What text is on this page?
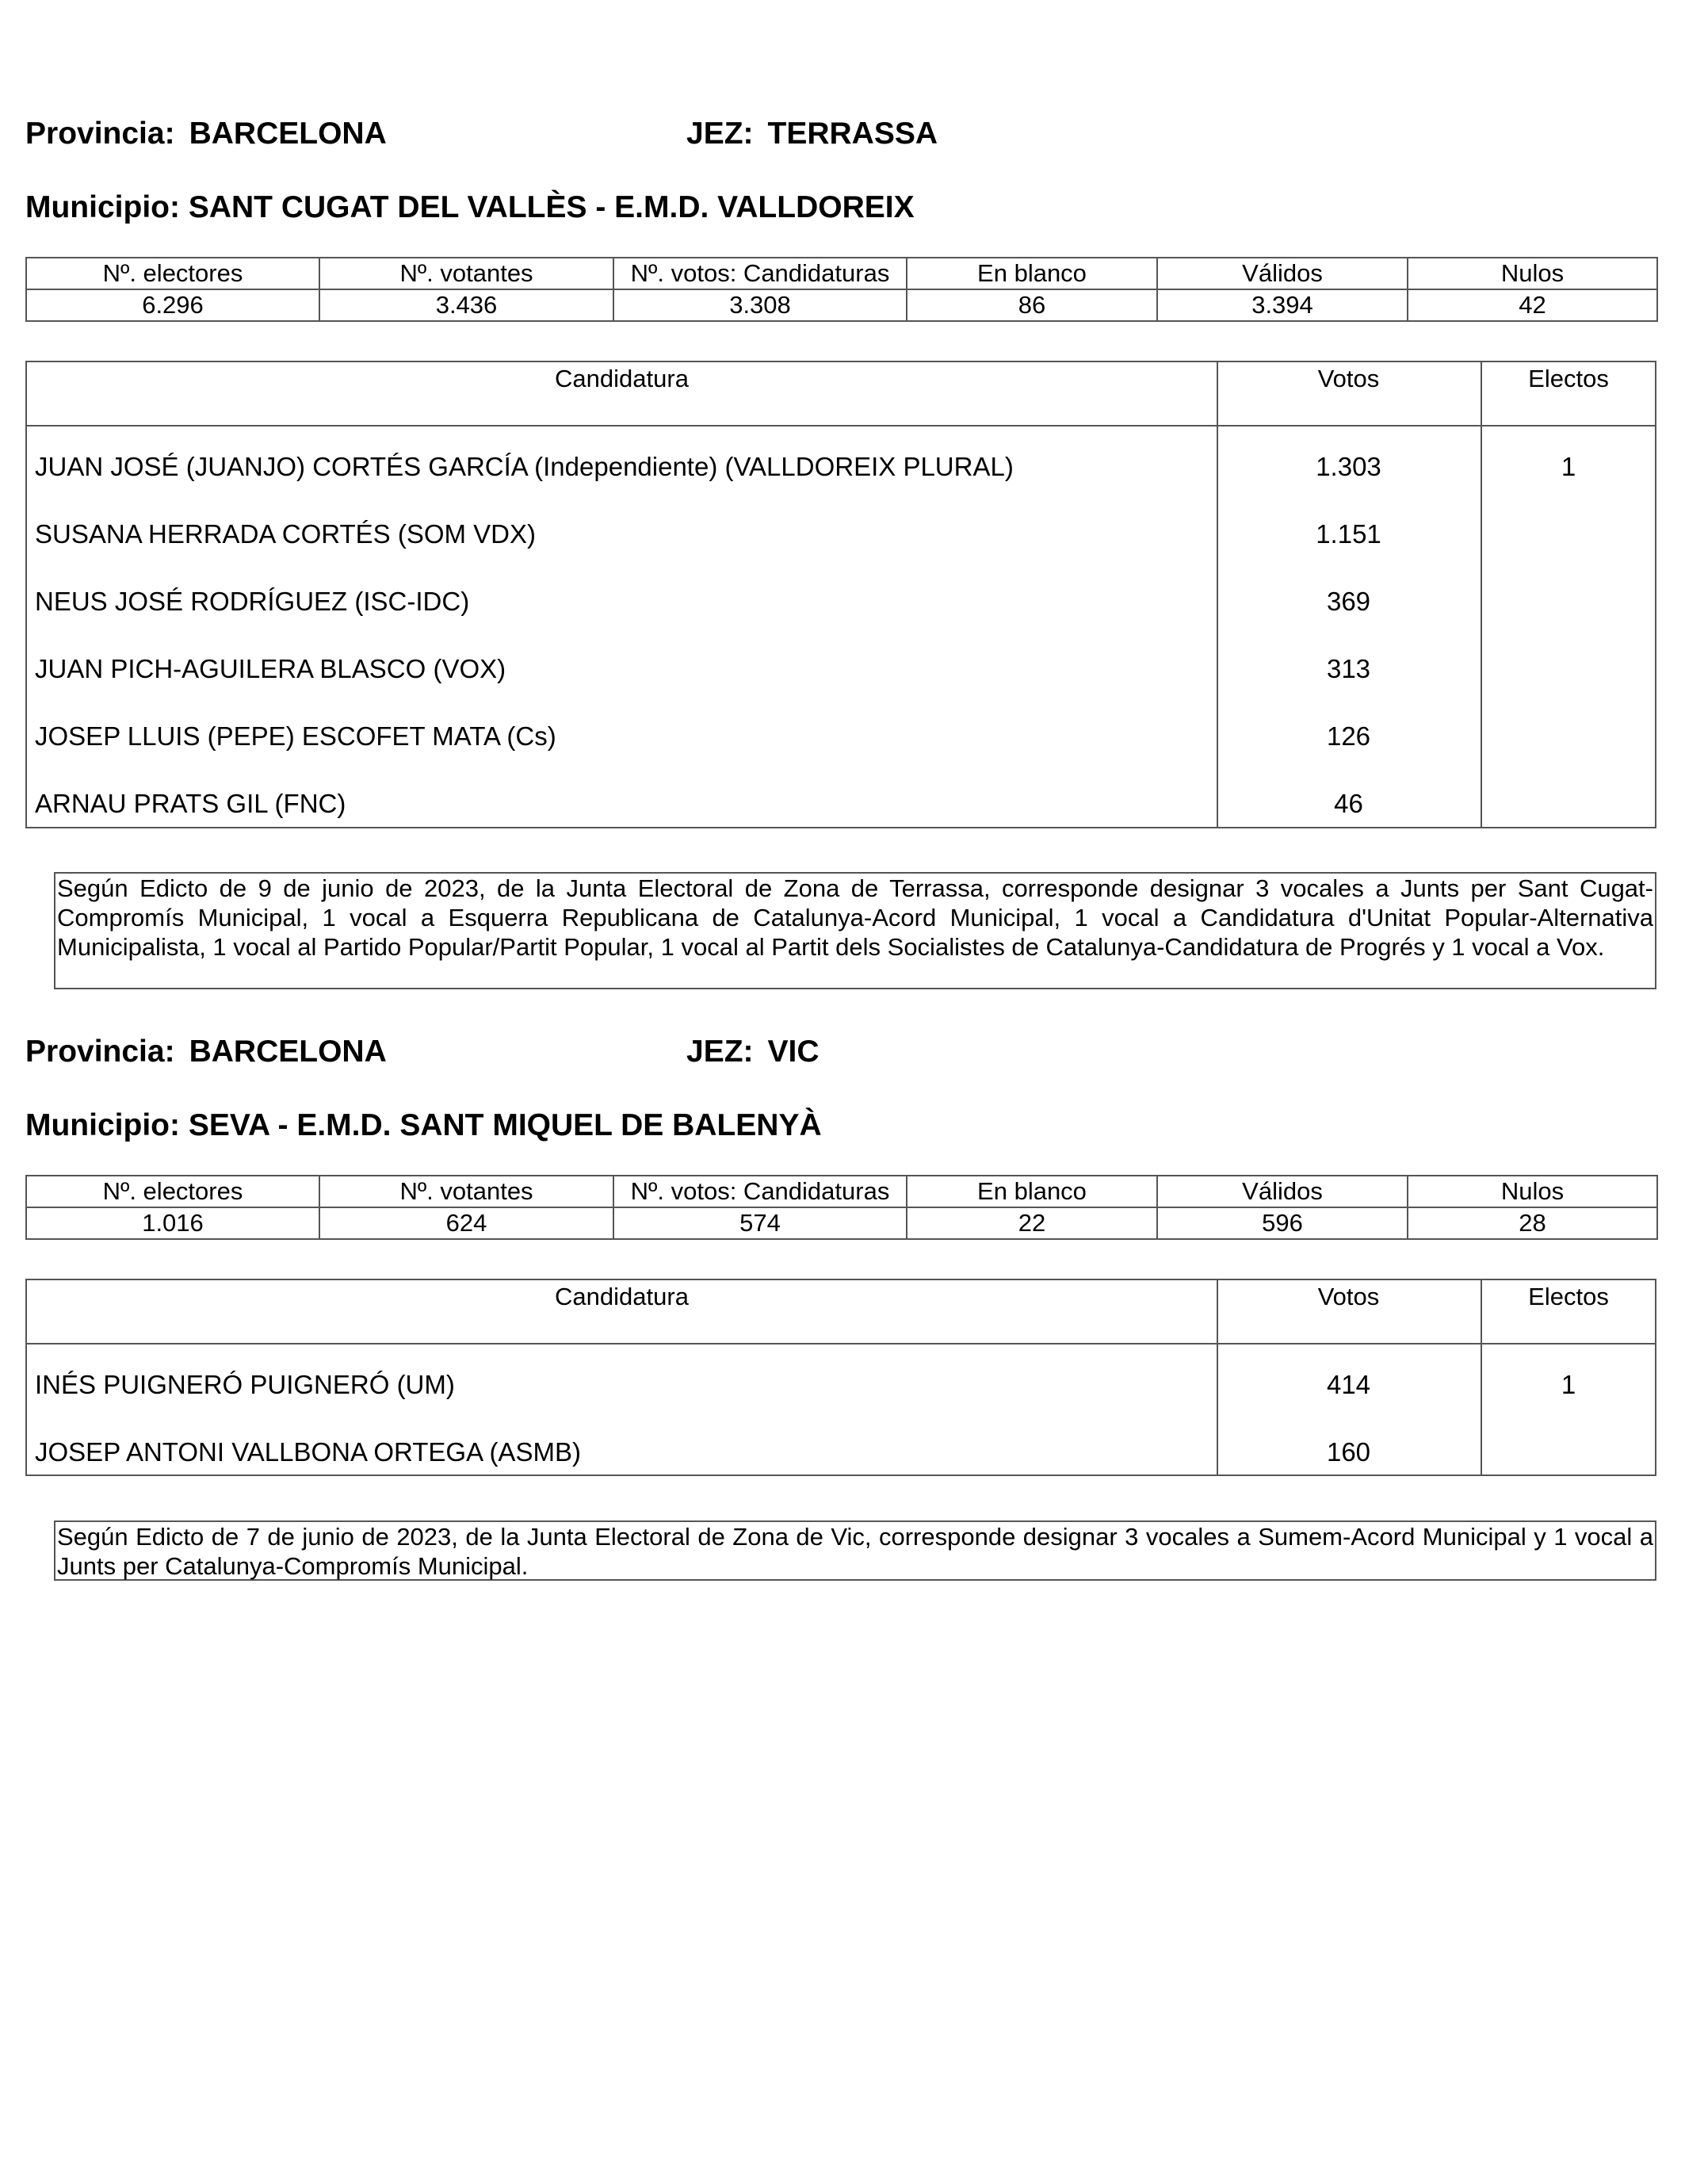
Provincia: BARCELONA	JEZ: TERRASSA
Municipio: SANT CUGAT DEL VALLÈS - E.M.D. VALLDOREIX
Nº. electores	Nº. votantes	Nº. votos: Candidaturas	En blanco	Válidos	Nulos
6.296	3.436	3.308	86	3.394	42
Candidatura	Votos	Electos
JUAN JOSÉ (JUANJO) CORTÉS GARCÍA (Independiente) (VALLDOREIX PLURAL)	1.303	1
SUSANA HERRADA CORTÉS (SOM VDX)	1.151
NEUS JOSÉ RODRÍGUEZ (ISC-IDC)	369
JUAN PICH-AGUILERA BLASCO (VOX)	313
JOSEP LLUIS (PEPE) ESCOFET MATA (Cs)	126
ARNAU PRATS GIL (FNC)	46
Según Edicto de 9 de junio de 2023, de la Junta Electoral de Zona de Terrassa, corresponde designar 3 vocales a Junts per Sant Cugat-Compromís Municipal, 1 vocal a Esquerra Republicana de Catalunya-Acord Municipal, 1 vocal a Candidatura d'Unitat Popular-Alternativa Municipalista, 1 vocal al Partido Popular/Partit Popular, 1 vocal al Partit dels Socialistes de Catalunya-Candidatura de Progrés y 1 vocal a Vox.
Provincia: BARCELONA	JEZ: VIC
Municipio: SEVA - E.M.D. SANT MIQUEL DE BALENYÀ
Nº. electores	Nº. votantes	Nº. votos: Candidaturas	En blanco	Válidos	Nulos
1.016	624	574	22	596	28
Candidatura	Votos	Electos
INÉS PUIGNERÓ PUIGNERÓ (UM)	414	1
JOSEP ANTONI VALLBONA ORTEGA (ASMB)	160
Según Edicto de 7 de junio de 2023, de la Junta Electoral de Zona de Vic, corresponde designar 3 vocales a Sumem-Acord Municipal y 1 vocal a Junts per Catalunya-Compromís Municipal.
